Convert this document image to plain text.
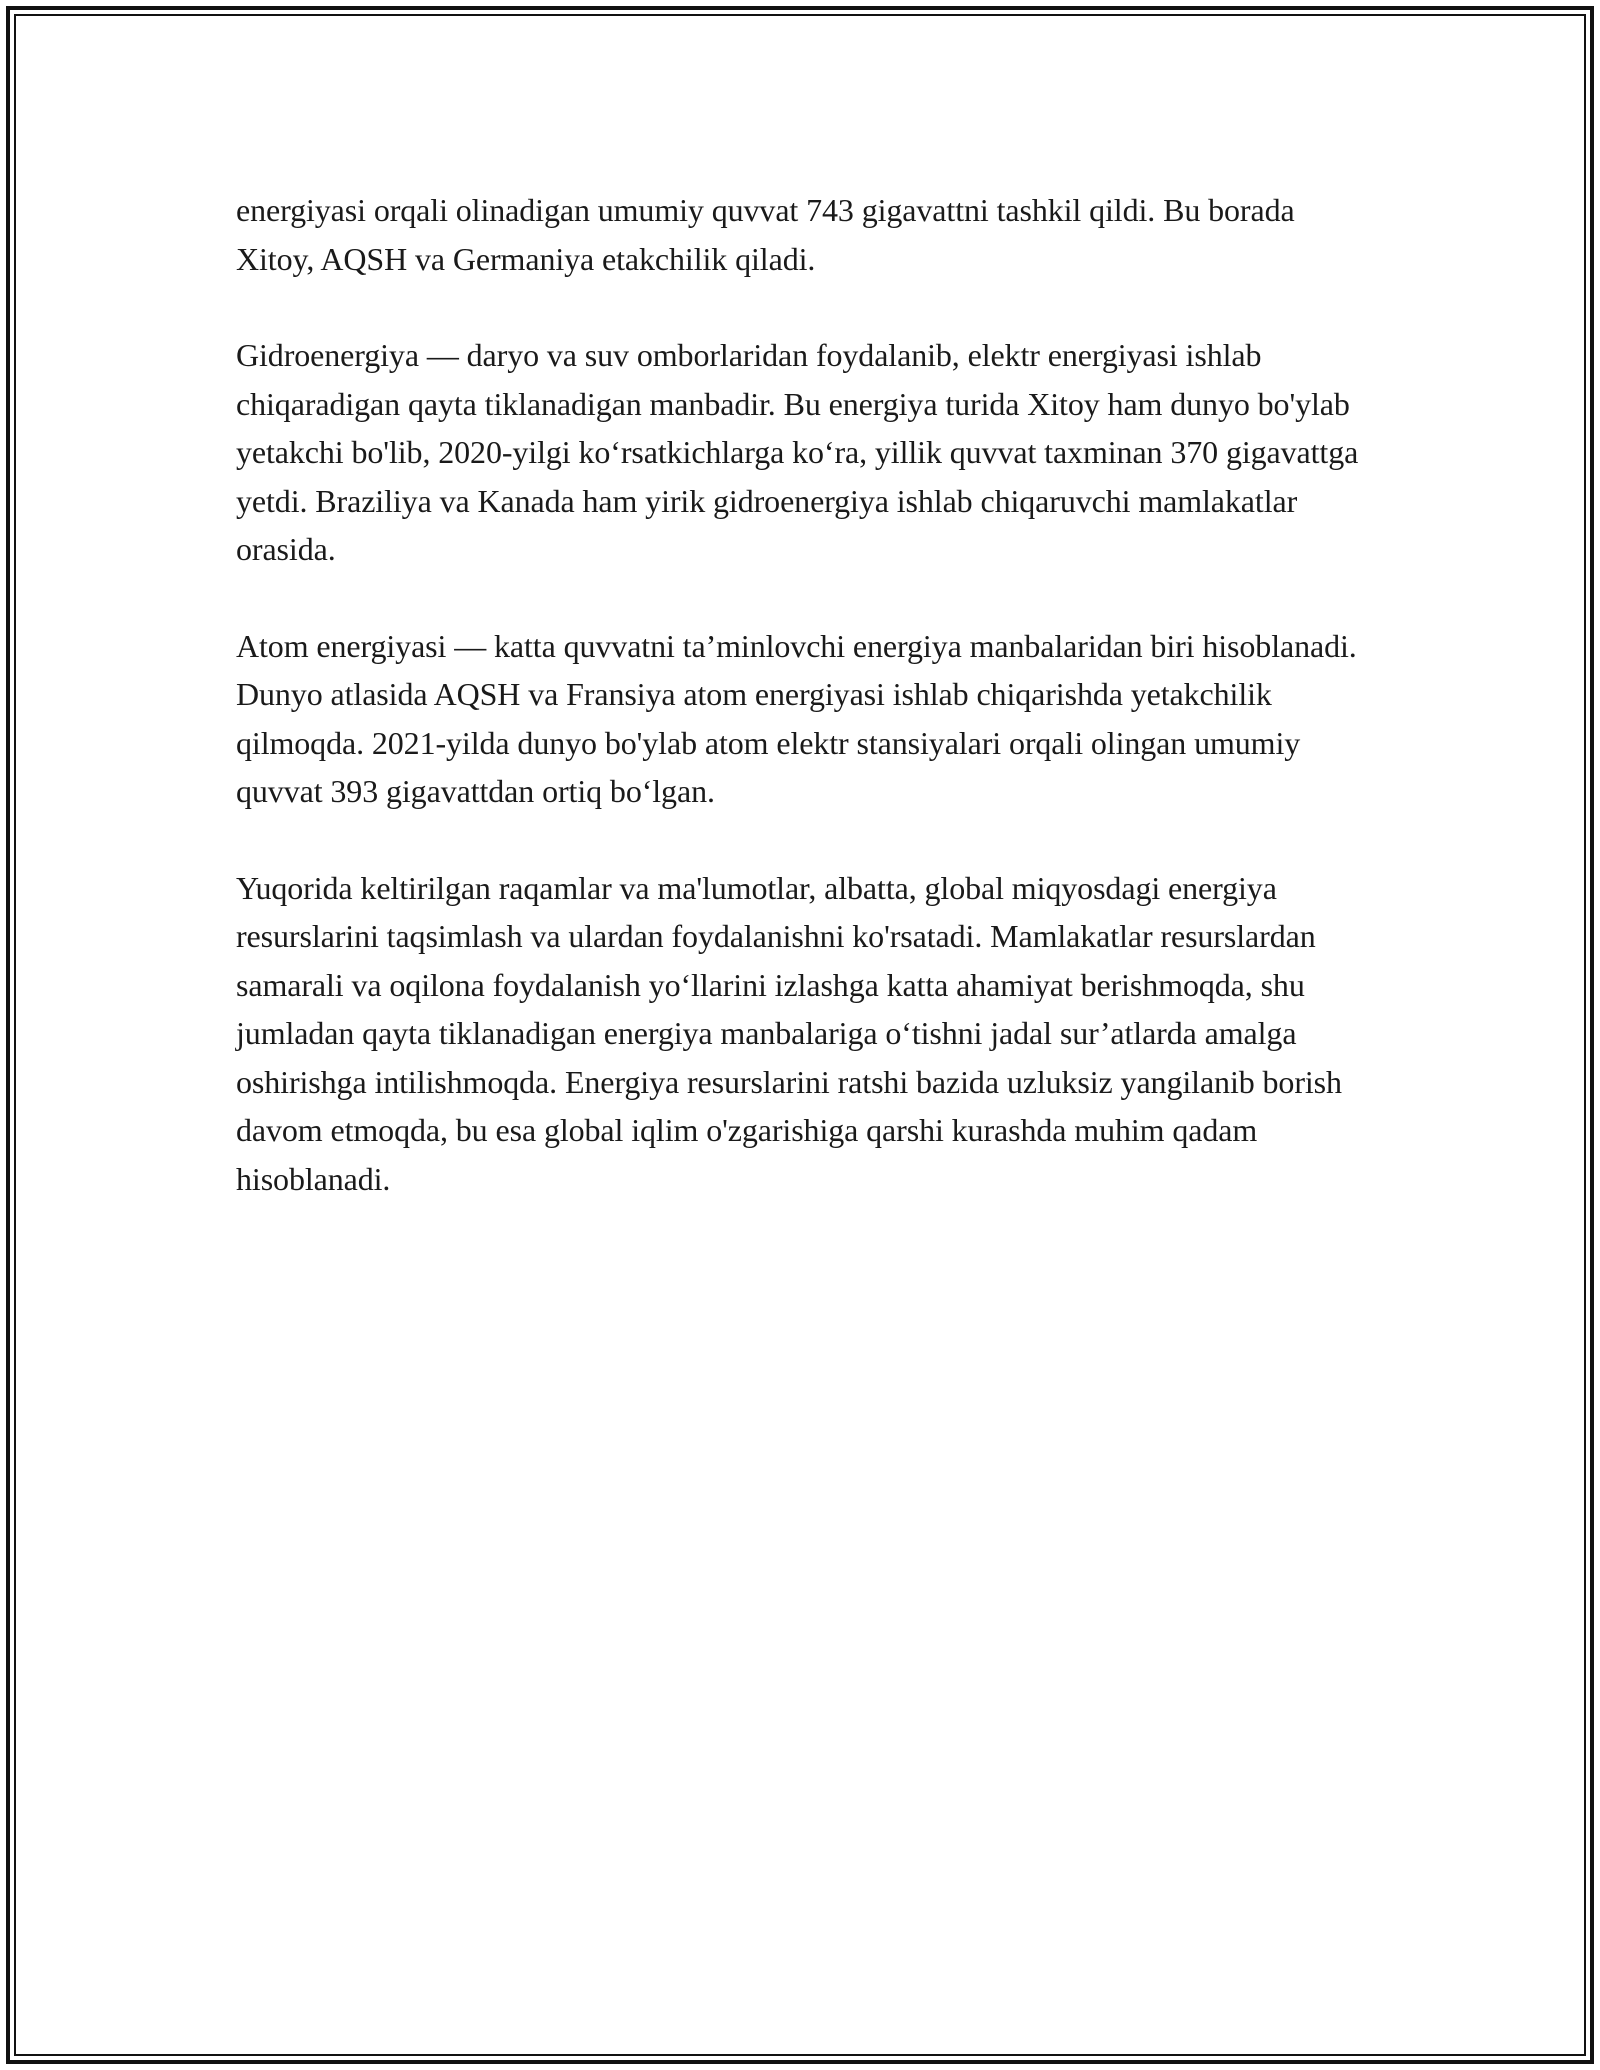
energiyasi orqali olinadigan umumiy quvvat 743 gigavattni tashkil qildi. Bu borada Xitoy, AQSH va Germaniya etakchilik qiladi.

Gidroenergiya — daryo va suv omborlaridan foydalanib, elektr energiyasi ishlab chiqaradigan qayta tiklanadigan manbadir. Bu energiya turida Xitoy ham dunyo bo'ylab yetakchi bo'lib, 2020-yilgi ko‘rsatkichlarga ko‘ra, yillik quvvat taxminan 370 gigavattga yetdi. Braziliya va Kanada ham yirik gidroenergiya ishlab chiqaruvchi mamlakatlar orasida.

Atom energiyasi — katta quvvatni ta’minlovchi energiya manbalaridan biri hisoblanadi. Dunyo atlasida AQSH va Fransiya atom energiyasi ishlab chiqarishda yetakchilik qilmoqda. 2021-yilda dunyo bo'ylab atom elektr stansiyalari orqali olingan umumiy quvvat 393 gigavattdan ortiq bo‘lgan.

Yuqorida keltirilgan raqamlar va ma'lumotlar, albatta, global miqyosdagi energiya resurslarini taqsimlash va ulardan foydalanishni ko'rsatadi. Mamlakatlar resurslardan samarali va oqilona foydalanish yo‘llarini izlashga katta ahamiyat berishmoqda, shu jumladan qayta tiklanadigan energiya manbalariga o‘tishni jadal sur’atlarda amalga oshirishga intilishmoqda. Energiya resurslarini ratshi bazida uzluksiz yangilanib borish davom etmoqda, bu esa global iqlim o'zgarishiga qarshi kurashda muhim qadam hisoblanadi.
